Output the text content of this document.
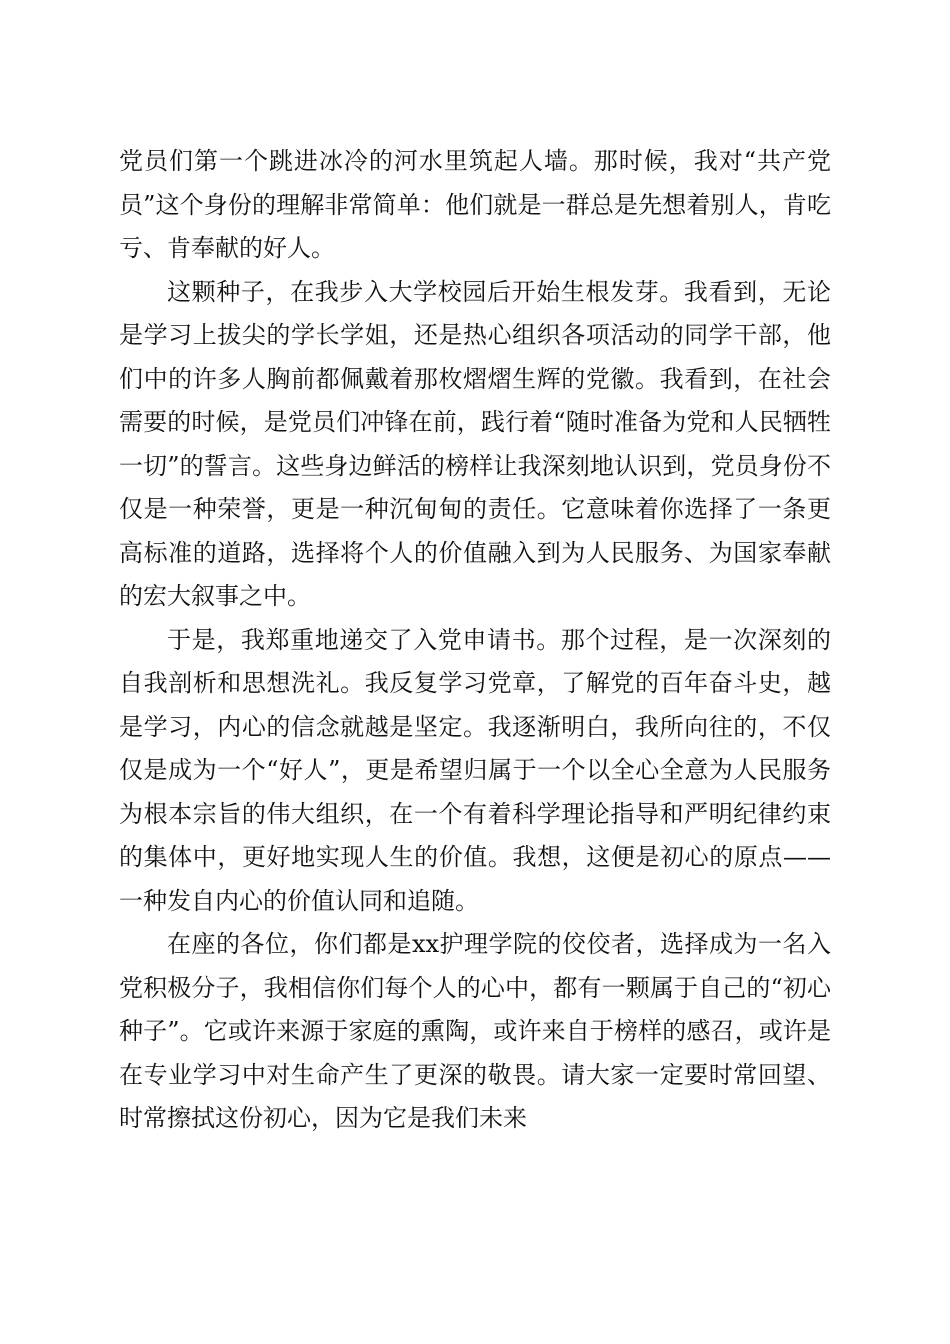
党员们第一个跳进冰冷的河水里筑起人墙。那时候，我对“共产党员”这个身份的理解非常简单：他们就是一群总是先想着别人，肯吃亏、肯奉献的好人。

这颗种子，在我步入大学校园后开始生根发芽。我看到，无论是学习上拔尖的学长学姐，还是热心组织各项活动的同学干部，他们中的许多人胸前都佩戴着那枚熠熠生辉的党徽。我看到，在社会需要的时候，是党员们冲锋在前，践行着“随时准备为党和人民牺牲一切”的誓言。这些身边鲜活的榜样让我深刻地认识到，党员身份不仅是一种荣誉，更是一种沉甸甸的责任。它意味着你选择了一条更高标准的道路，选择将个人的价值融入到为人民服务、为国家奉献的宏大叙事之中。

于是，我郑重地递交了入党申请书。那个过程，是一次深刻的自我剖析和思想洗礼。我反复学习党章，了解党的百年奋斗史，越是学习，内心的信念就越是坚定。我逐渐明白，我所向往的，不仅仅是成为一个“好人”，更是希望归属于一个以全心全意为人民服务为根本宗旨的伟大组织，在一个有着科学理论指导和严明纪律约束的集体中，更好地实现人生的价值。我想，这便是初心的原点——一种发自内心的价值认同和追随。

在座的各位，你们都是xx护理学院的佼佼者，选择成为一名入党积极分子，我相信你们每个人的心中，都有一颗属于自己的“初心种子”。它或许来源于家庭的熏陶，或许来自于榜样的感召，或许是在专业学习中对生命产生了更深的敬畏。请大家一定要时常回望、时常擦拭这份初心，因为它是我们未来
